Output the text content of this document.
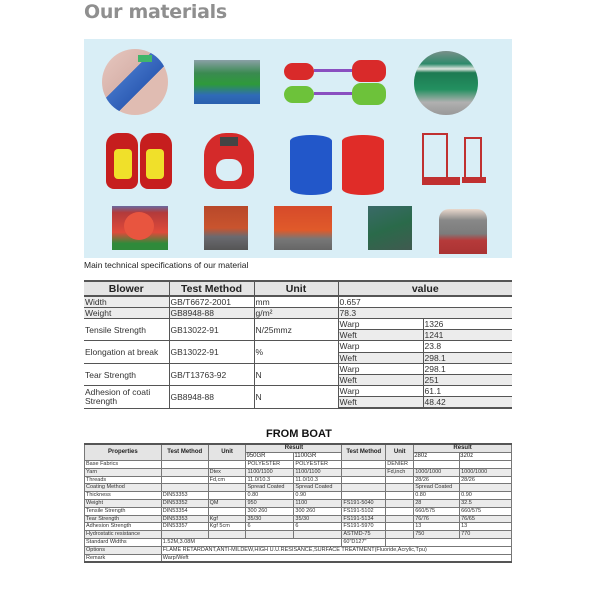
Our materials
Main technical specifications of our material
Blower	Test Method	Unit	value	
Width	GB/T6672-2001	mm	0.657	
Weight	GB8948-88	g/m²	78.3	
Tensile Strength	GB13022-91	N/25mmz	Warp	1326
			Weft	1241
Elongation at break	GB13022-91	%	Warp	23.8
			Weft	298.1
Tear Strength	GB/T13763-92	N	Warp	298.1
			Weft	251
Adhesion of coati Strength	GB8948-88	N	Warp	61.1
			Weft	48.42
FROM BOAT
Properties	Test Method	Unit	Result		Test Method	Unit	Result	
			950GR	1100GR			280z	320z
Base Fabrics			POLYESTER	POLYESTER		DENIER		
Yarn		Dtex	1100/1100	1100/1100		Fd,inch	1000/1000	1000/1000
Threads		Fd,cm	11.0/10.3	11.0/10.3			28/26	28/26
Coating Method			Spread Coated	Spread Coated			Spread Coated	
Thickness	DIN53353		0.80	0.90			0.80	0.90
Weight	DIN53352	QM	950	1100	FS191-5040		28	32.5
Tensile Strength	DIN53354		300 260	300 260	FS191-5102		660/575	660/575
Tear Strength	DIN53353	Kgf	35/30	35/30	FS191-5134		76/76	76/65
Adhesion Strength	DIN53357	Kgf 5cm	6	6	FS191-5970		13	13
Hydrostatic resistance					ASTMD-75		750	770
Standard Widths	1.52M,3.08M				60"D127"			
Options	FLAME RETARDANT,ANTI-MILDEW,HIGH U.U.RESISANCE,SURFACE TREATMENT(Fluoride,Acrylic,Tpu)							
Remark	Warp/Weft							
